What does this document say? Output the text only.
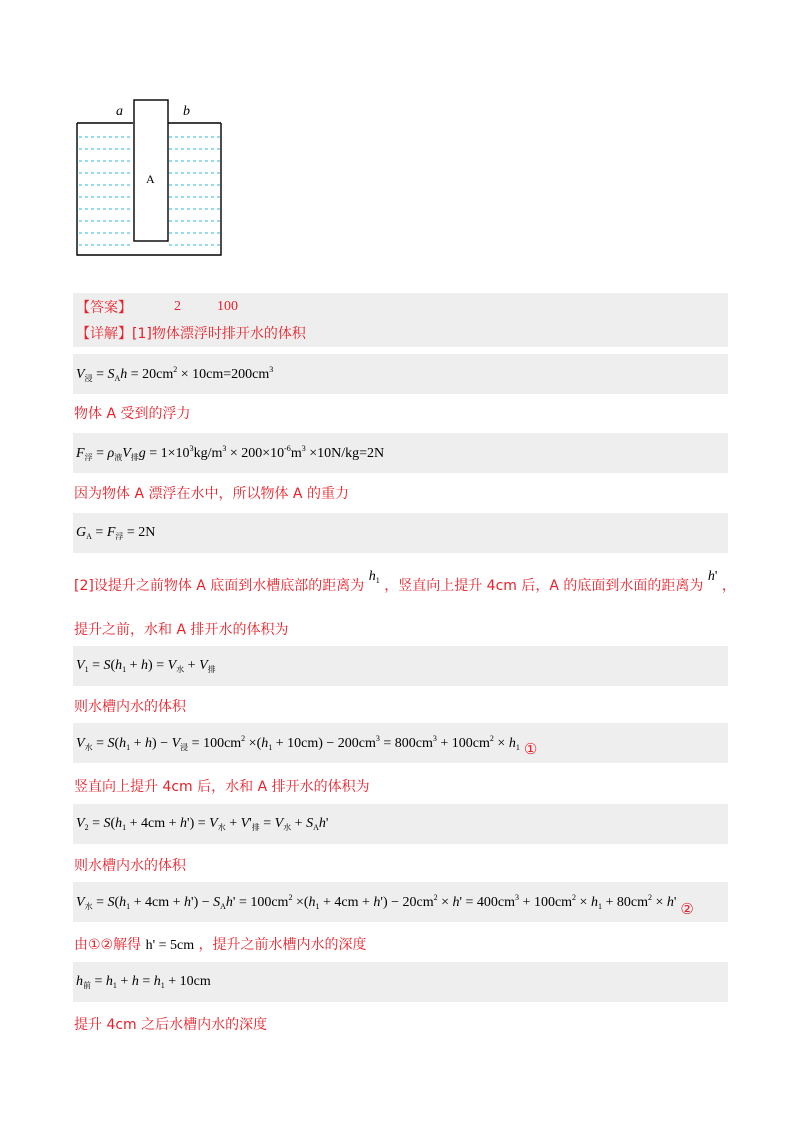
a	b
A
【答案】	2	100
【详解】 [1]物体漂浮时排开水的体积
$V_浸 = S_Ah = 20cm^2 \times 10cm=200cm^3$
物体 A 受到的浮力
$F_浮 = \rho_液V_排g = 1\times 10^3kg/m^3 \times 200\times 10^{-6}m^3 \times 10N/kg=2N$
因为物体 A 漂浮在水中，所以物体 A 的重力
$G_A = F_浮 = 2N$
[2]设提升之前物体 A 底面到水槽底部的距离为 $h_1$ ，竖直向上提升 4cm 后，A 的底面到水面的距离为 h' ，
提升之前，水和 A 排开水的体积为
$V_1 = S(h_1 + h) = V_水 + V_排$
则水槽内水的体积
$V_水 = S(h_1 + h) - V_浸 = 100cm^2 \times(h_1 + 10cm) - 200cm^3 = 800cm^3 + 100cm^2 \times h_1$ ①
竖直向上提升 4cm 后，水和 A 排开水的体积为
$V_2 = S(h_1 + 4cm + h') = V_水 + V'_排 = V_水 + S_Ah'$
则水槽内水的体积
$V_水 = S(h_1 + 4cm + h') - S_Ah' = 100cm^2 \times(h_1 + 4cm + h') - 20cm^2 \times h' = 400cm^3 + 100cm^2 \times h_1 + 80cm^2 \times h'$ ②
由①②解得 h' = 5cm ，提升之前水槽内水的深度
$h_前 = h_1 + h = h_1 + 10cm$
提升 4cm 之后水槽内水的深度
